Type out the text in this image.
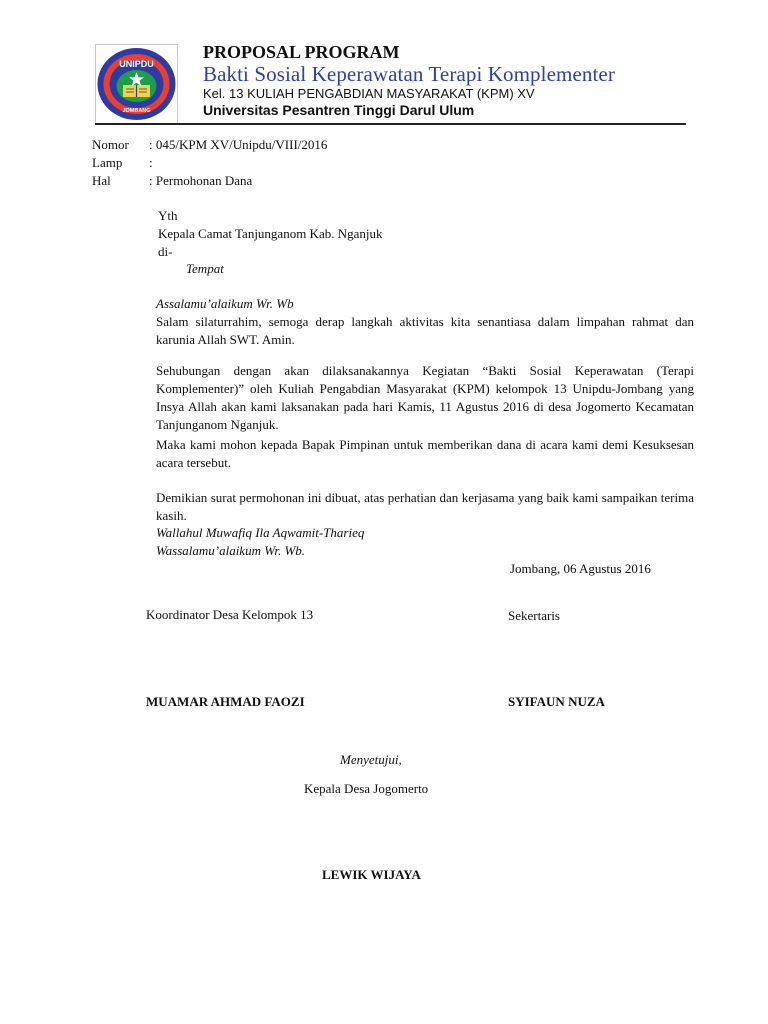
UNIPDU
JOMBANG
PROPOSAL PROGRAM
Bakti Sosial Keperawatan Terapi Komplementer
Kel. 13 KULIAH PENGABDIAN MASYARAKAT (KPM) XV
Universitas Pesantren Tinggi Darul Ulum
Nomor : 045/KPM XV/Unipdu/VIII/2016
Lamp :
Hal	: Permohonan Dana
Yth
Kepala Camat Tanjunganom Kab. Nganjuk
di-
Tempat
Assalamu’alaikum Wr. Wb
Salam silaturrahim, semoga derap langkah aktivitas kita senantiasa dalam limpahan rahmat dan karunia Allah SWT. Amin.
Sehubungan dengan akan dilaksanakannya Kegiatan “Bakti Sosial Keperawatan (Terapi Komplementer)” oleh Kuliah Pengabdian Masyarakat (KPM) kelompok 13 Unipdu-Jombang yang Insya Allah akan kami laksanakan pada hari Kamis, 11 Agustus 2016 di desa Jogomerto Kecamatan Tanjunganom Nganjuk.
Maka kami mohon kepada Bapak Pimpinan untuk memberikan dana di acara kami demi Kesuksesan acara tersebut.
Demikian surat permohonan ini dibuat, atas perhatian dan kerjasama yang baik kami sampaikan terima kasih.
Wallahul Muwafiq Ila Aqwamit-Tharieq
Wassalamu’alaikum Wr. Wb.
Jombang, 06 Agustus 2016
Koordinator Desa Kelompok 13	Sekertaris
MUAMAR AHMAD FAOZI	SYIFAUN NUZA
Menyetujui,
Kepala Desa Jogomerto
LEWIK WIJAYA
